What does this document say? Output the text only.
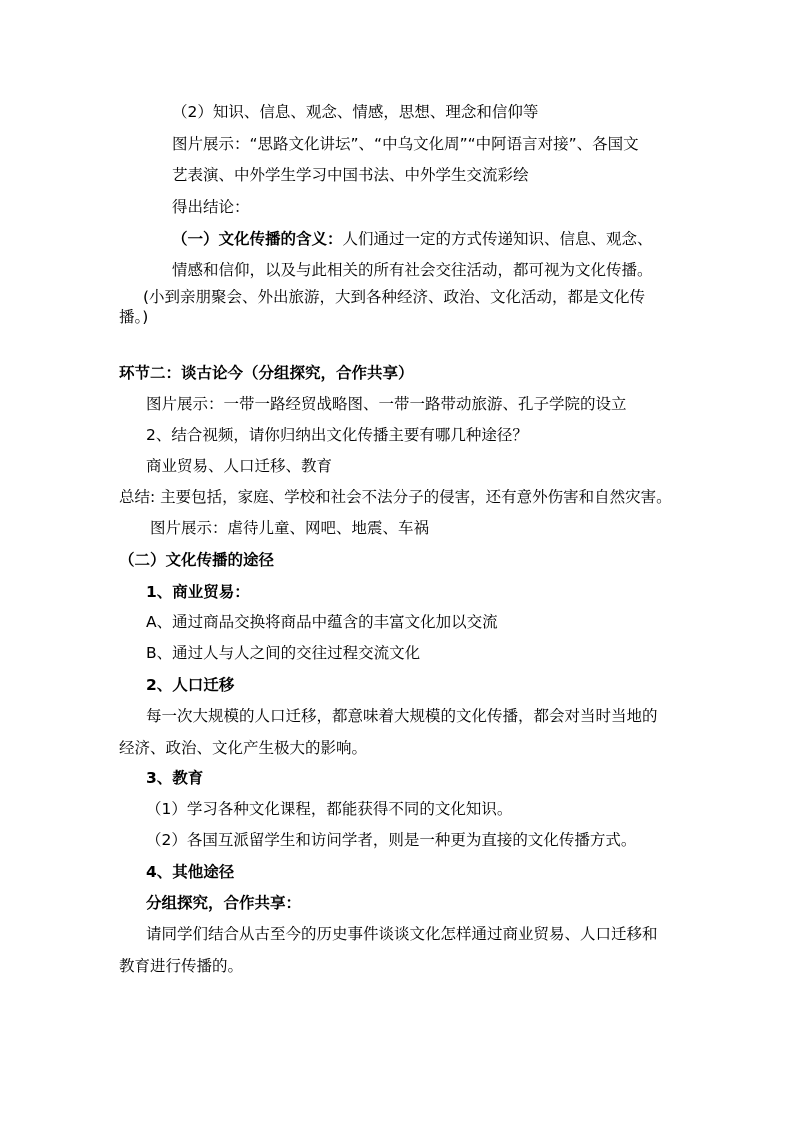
（2）知识、信息、观念、情感，思想、理念和信仰等
图片展示：“思路文化讲坛”、“中乌文化周”“中阿语言对接”、各国文
艺表演、中外学生学习中国书法、中外学生交流彩绘
得出结论：
（一）文化传播的含义：人们通过一定的方式传递知识、信息、观念、
情感和信仰，以及与此相关的所有社会交往活动，都可视为文化传播。
(小到亲朋聚会、外出旅游，大到各种经济、政治、文化活动，都是文化传
播。)
环节二：谈古论今（分组探究，合作共享）
图片展示：一带一路经贸战略图、一带一路带动旅游、孔子学院的设立
2、结合视频，请你归纳出文化传播主要有哪几种途径？
商业贸易、人口迁移、教育
总结: 主要包括，家庭、学校和社会不法分子的侵害，还有意外伤害和自然灾害。
图片展示：虐待儿童、网吧、地震、车祸
（二）文化传播的途径
1、商业贸易：
A、通过商品交换将商品中蕴含的丰富文化加以交流
B、通过人与人之间的交往过程交流文化
2、人口迁移
每一次大规模的人口迁移，都意味着大规模的文化传播，都会对当时当地的
经济、政治、文化产生极大的影响。
3、教育
（1）学习各种文化课程，都能获得不同的文化知识。
（2）各国互派留学生和访问学者，则是一种更为直接的文化传播方式。
4、其他途径
分组探究，合作共享：
请同学们结合从古至今的历史事件谈谈文化怎样通过商业贸易、人口迁移和
教育进行传播的。
